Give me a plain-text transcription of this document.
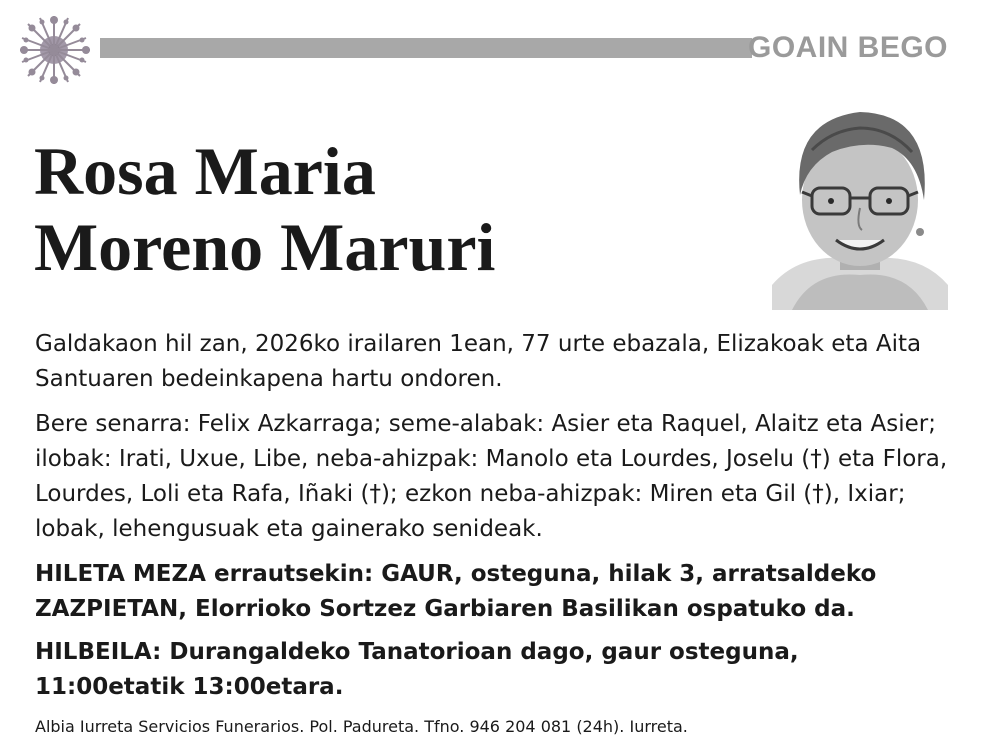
GOAIN BEGO
Rosa Maria
Moreno Maruri
Galdakaon hil zan, 2026ko irailaren 1ean, 77 urte ebazala, Elizakoak eta Aita Santuaren bedeinkapena hartu ondoren.
Bere senarra: Felix Azkarraga; seme-alabak: Asier eta Raquel, Alaitz eta Asier; ilobak: Irati, Uxue, Libe, neba-ahizpak: Manolo eta Lourdes, Joselu (†) eta Flora, Lourdes, Loli eta Rafa, Iñaki (†); ezkon neba-ahizpak: Miren eta Gil (†), Ixiar; lobak, lehengusuak eta gainerako senideak.
HILETA MEZA errautsekin: GAUR, osteguna, hilak 3, arratsaldeko ZAZPIETAN, Elorrioko Sortzez Garbiaren Basilikan ospatuko da.
HILBEILA: Durangaldeko Tanatorioan dago, gaur osteguna, 11:00etatik 13:00etara.
Albia Iurreta Servicios Funerarios. Pol. Padureta. Tfno. 946 204 081 (24h). Iurreta.
